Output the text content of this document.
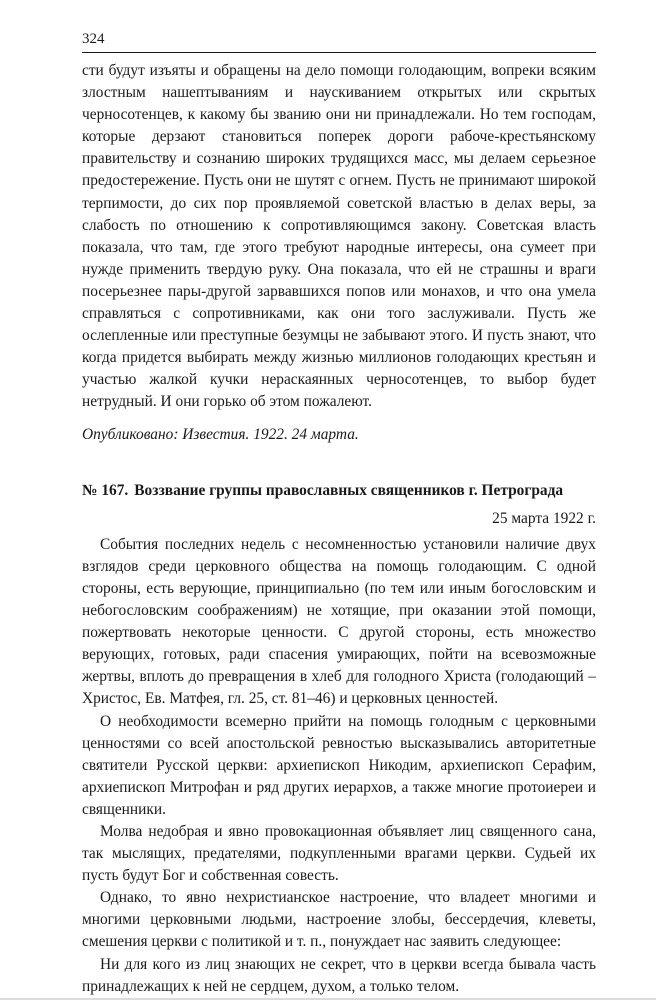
324

сти будут изъяты и обращены на дело помощи голодающим, вопреки всяким злостным нашептываниям и наускиванием открытых или скрытых черносотенцев, к какому бы званию они ни принадлежали. Но тем господам, которые дерзают становиться поперек дороги рабоче-крестьянскому правительству и сознанию широких трудящихся масс, мы делаем серьезное предостережение. Пусть они не шутят с огнем. Пусть не принимают широкой терпимости, до сих пор проявляемой советской властью в делах веры, за слабость по отношению к сопротивляющимся закону. Советская власть показала, что там, где этого требуют народные интересы, она сумеет при нужде применить твердую руку. Она показала, что ей не страшны и враги посерьезнее пары-другой зарвавшихся попов или монахов, и что она умела справляться с сопротивниками, как они того заслуживали. Пусть же ослепленные или преступные безумцы не забывают этого. И пусть знают, что когда придется выбирать между жизнью миллионов голодающих крестьян и участью жалкой кучки нераскаянных черносотенцев, то выбор будет нетрудный. И они горько об этом пожалеют.

Опубликовано: Известия. 1922. 24 марта.

№ 167. Воззвание группы православных священников г. Петрограда
25 марта 1922 г.

События последних недель с несомненностью установили наличие двух взглядов среди церковного общества на помощь голодающим. С одной стороны, есть верующие, принципиально (по тем или иным богословским и небогословским соображениям) не хотящие, при оказании этой помощи, пожертвовать некоторые ценности. С другой стороны, есть множество верующих, готовых, ради спасения умирающих, пойти на всевозможные жертвы, вплоть до превращения в хлеб для голодного Христа (голодающий – Христос, Ев. Матфея, гл. 25, ст. 81–46) и церковных ценностей.

О необходимости всемерно прийти на помощь голодным с церковными ценностями со всей апостольской ревностью высказывались авторитетные святители Русской церкви: архиепископ Никодим, архиепископ Серафим, архиепископ Митрофан и ряд других иерархов, а также многие протоиереи и священники.

Молва недобрая и явно провокационная объявляет лиц священного сана, так мыслящих, предателями, подкупленными врагами церкви. Судьей их пусть будут Бог и собственная совесть.

Однако, то явно нехристианское настроение, что владеет многими и многими церковными людьми, настроение злобы, бессердечия, клеветы, смешения церкви с политикой и т. п., понуждает нас заявить следующее:

Ни для кого из лиц знающих не секрет, что в церкви всегда бывала часть принадлежащих к ней не сердцем, духом, а только телом.
